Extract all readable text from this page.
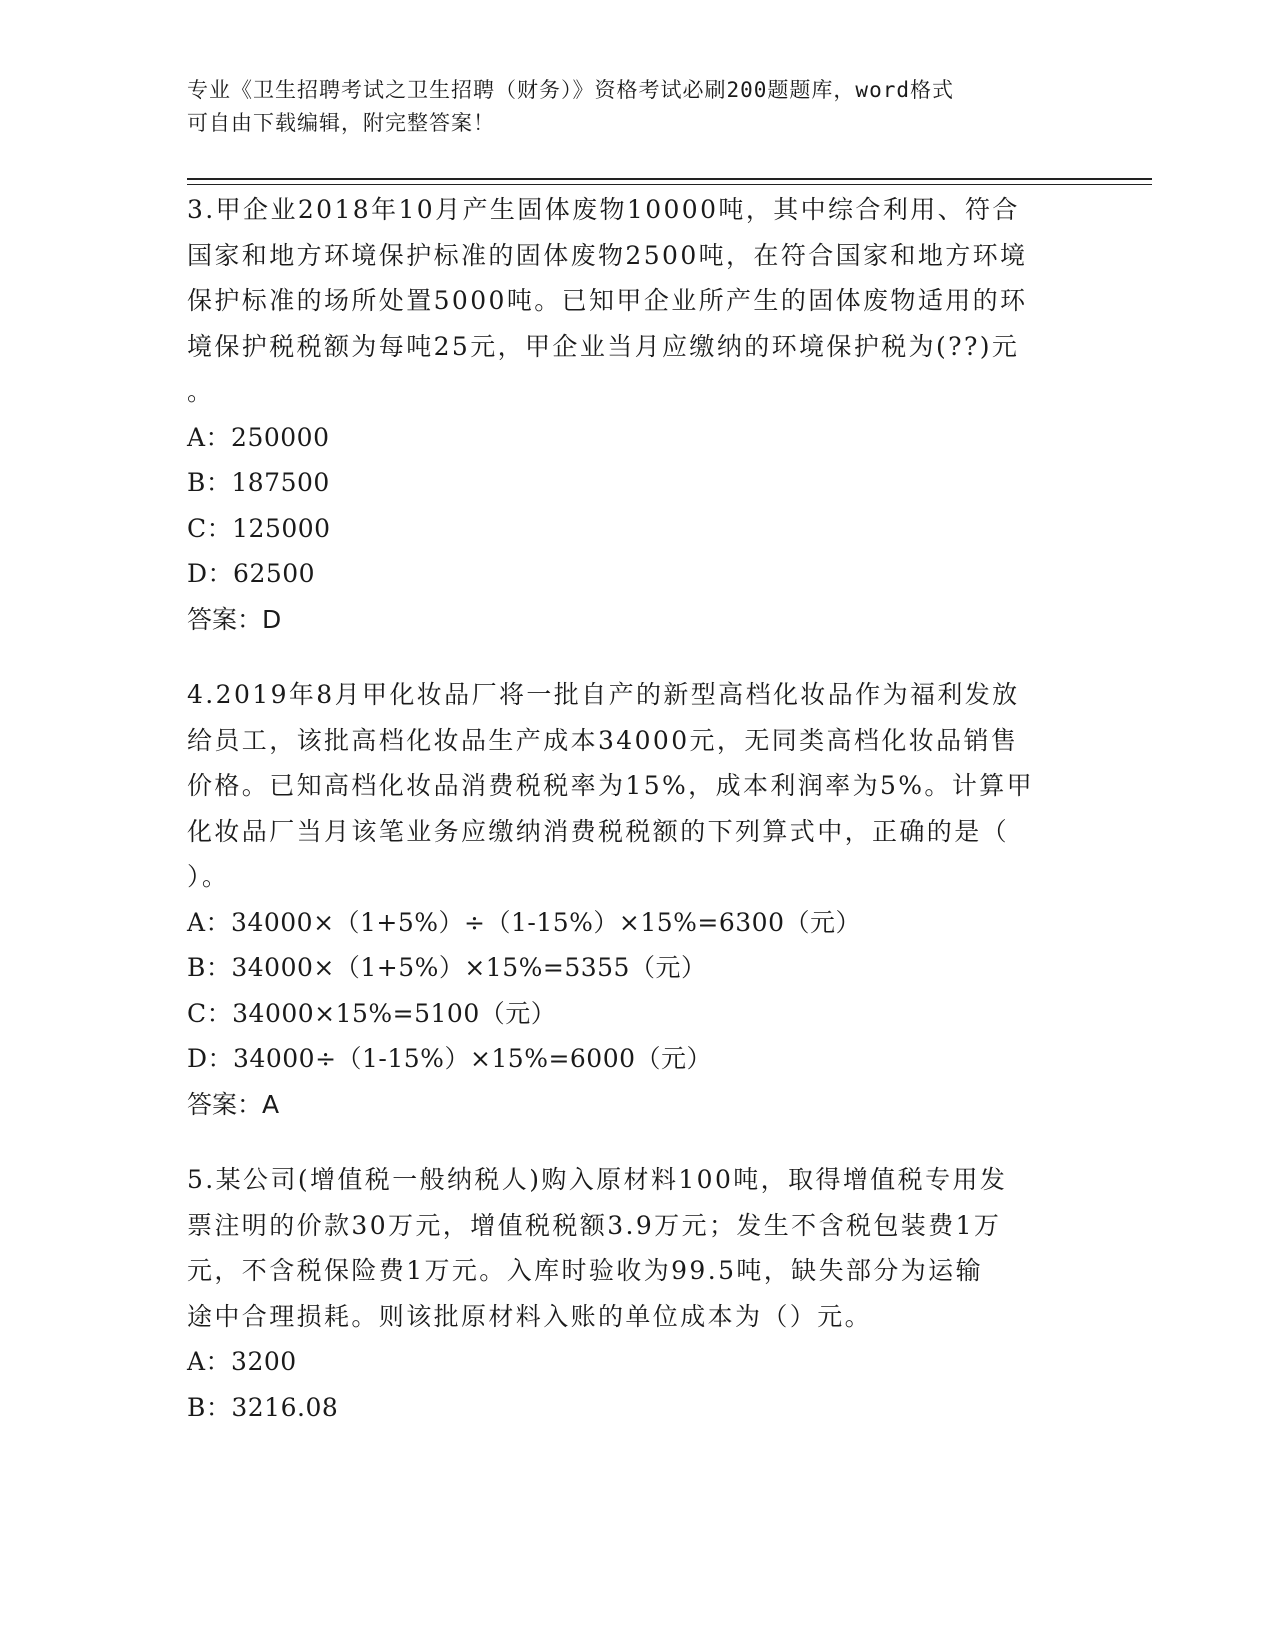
专业《卫生招聘考试之卫生招聘（财务）》资格考试必刷200题题库，word格式
可自由下载编辑，附完整答案！
3.甲企业2018年10月产生固体废物10000吨，其中综合利用、符合
国家和地方环境保护标准的固体废物2500吨，在符合国家和地方环境
保护标准的场所处置5000吨。已知甲企业所产生的固体废物适用的环
境保护税税额为每吨25元，甲企业当月应缴纳的环境保护税为(??)元
。
A：250000
B：187500
C：125000
D：62500
答案：D
4.2019年8月甲化妆品厂将一批自产的新型高档化妆品作为福利发放
给员工，该批高档化妆品生产成本34000元，无同类高档化妆品销售
价格。已知高档化妆品消费税税率为15%，成本利润率为5%。计算甲
化妆品厂当月该笔业务应缴纳消费税税额的下列算式中，正确的是（
）。
A：34000×（1+5%）÷（1-15%）×15%=6300（元）
B：34000×（1+5%）×15%=5355（元）
C：34000×15%=5100（元）
D：34000÷（1-15%）×15%=6000（元）
答案：A
5.某公司(增值税一般纳税人)购入原材料100吨，取得增值税专用发
票注明的价款30万元，增值税税额3.9万元；发生不含税包装费1万
元，不含税保险费1万元。入库时验收为99.5吨，缺失部分为运输
途中合理损耗。则该批原材料入账的单位成本为（）元。
A：3200
B：3216.08
